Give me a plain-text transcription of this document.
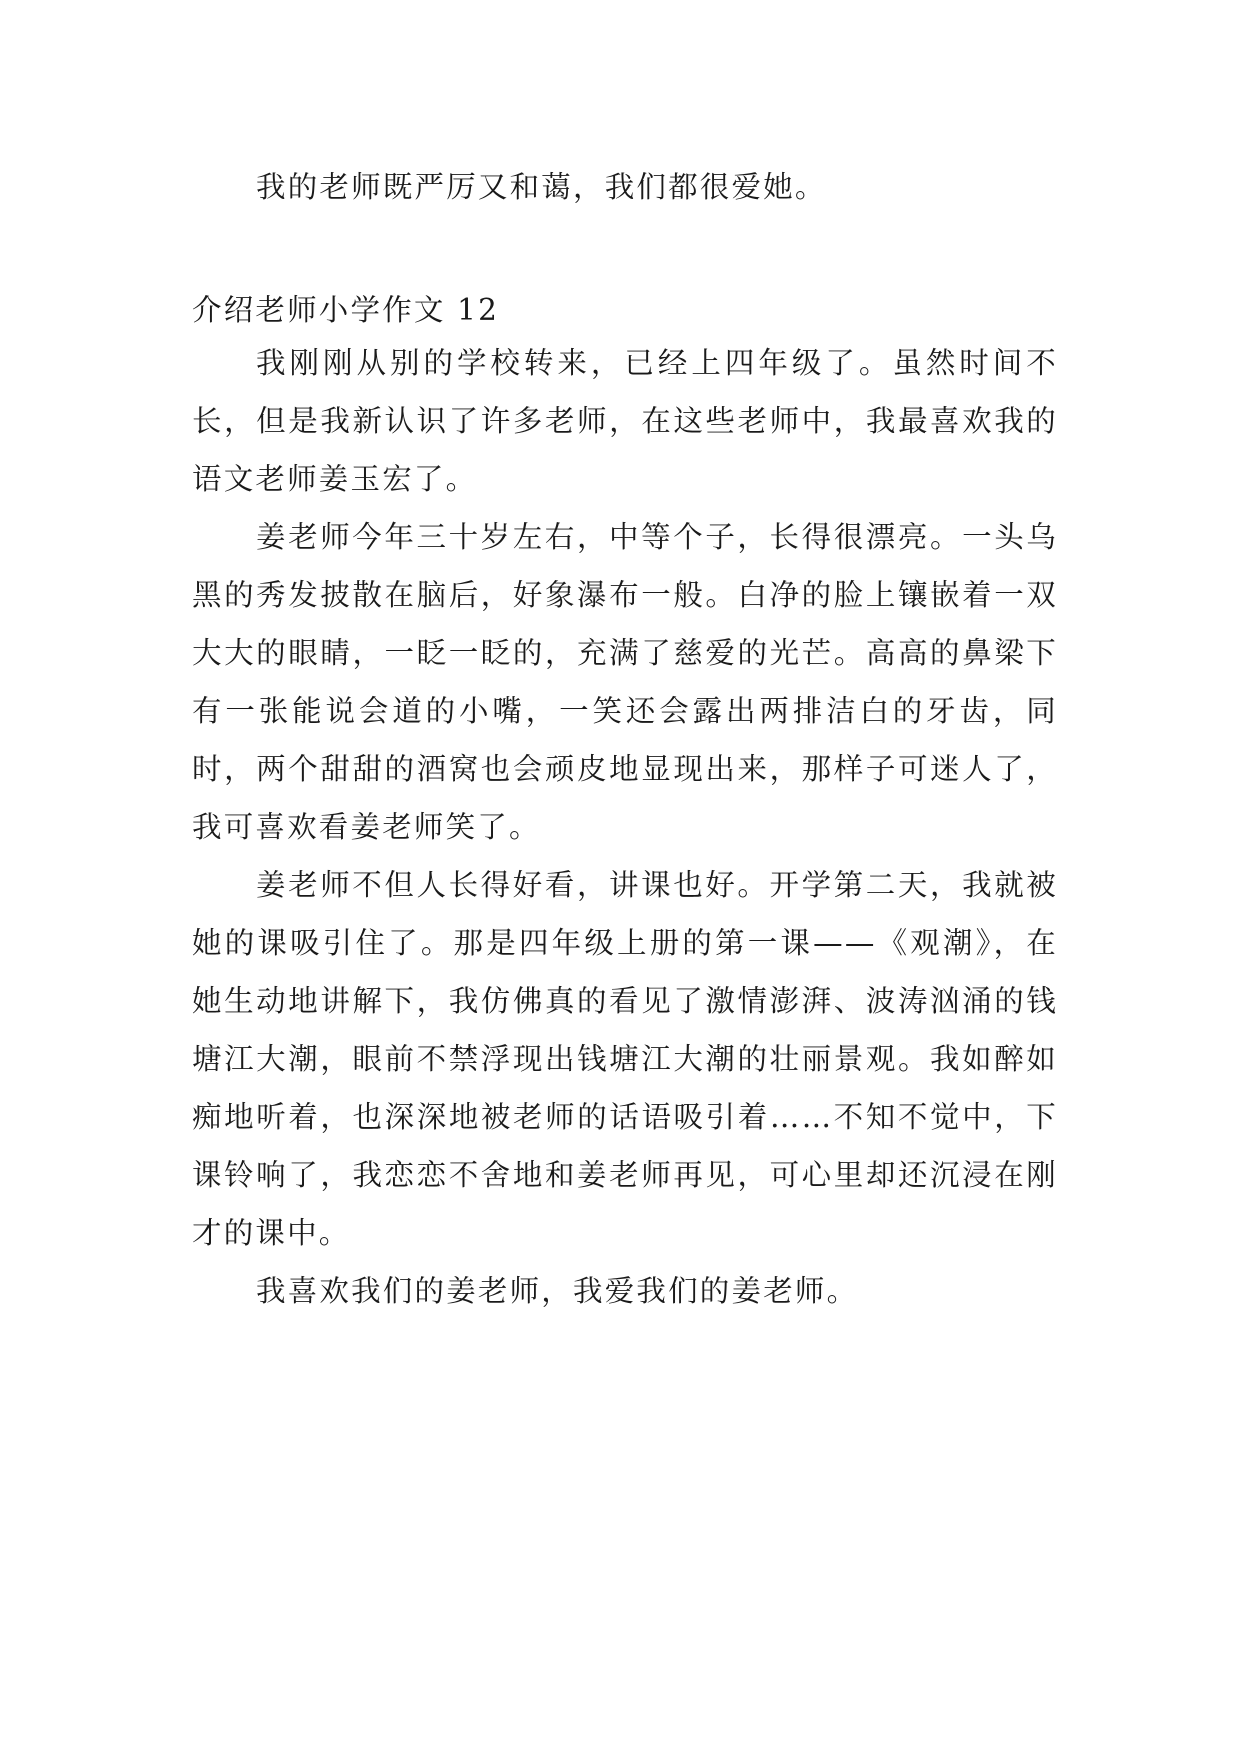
我的老师既严厉又和蔼，我们都很爱她。

介绍老师小学作文 12

我刚刚从别的学校转来，已经上四年级了。虽然时间不长，但是我新认识了许多老师，在这些老师中，我最喜欢我的语文老师姜玉宏了。

姜老师今年三十岁左右，中等个子，长得很漂亮。一头乌黑的秀发披散在脑后，好象瀑布一般。白净的脸上镶嵌着一双大大的眼睛，一眨一眨的，充满了慈爱的光芒。高高的鼻梁下有一张能说会道的小嘴，一笑还会露出两排洁白的牙齿，同时，两个甜甜的酒窝也会顽皮地显现出来，那样子可迷人了，我可喜欢看姜老师笑了。

姜老师不但人长得好看，讲课也好。开学第二天，我就被她的课吸引住了。那是四年级上册的第一课——《观潮》，在她生动地讲解下，我仿佛真的看见了激情澎湃、波涛汹涌的钱塘江大潮，眼前不禁浮现出钱塘江大潮的壮丽景观。我如醉如痴地听着，也深深地被老师的话语吸引着……不知不觉中，下课铃响了，我恋恋不舍地和姜老师再见，可心里却还沉浸在刚才的课中。

我喜欢我们的姜老师，我爱我们的姜老师。
